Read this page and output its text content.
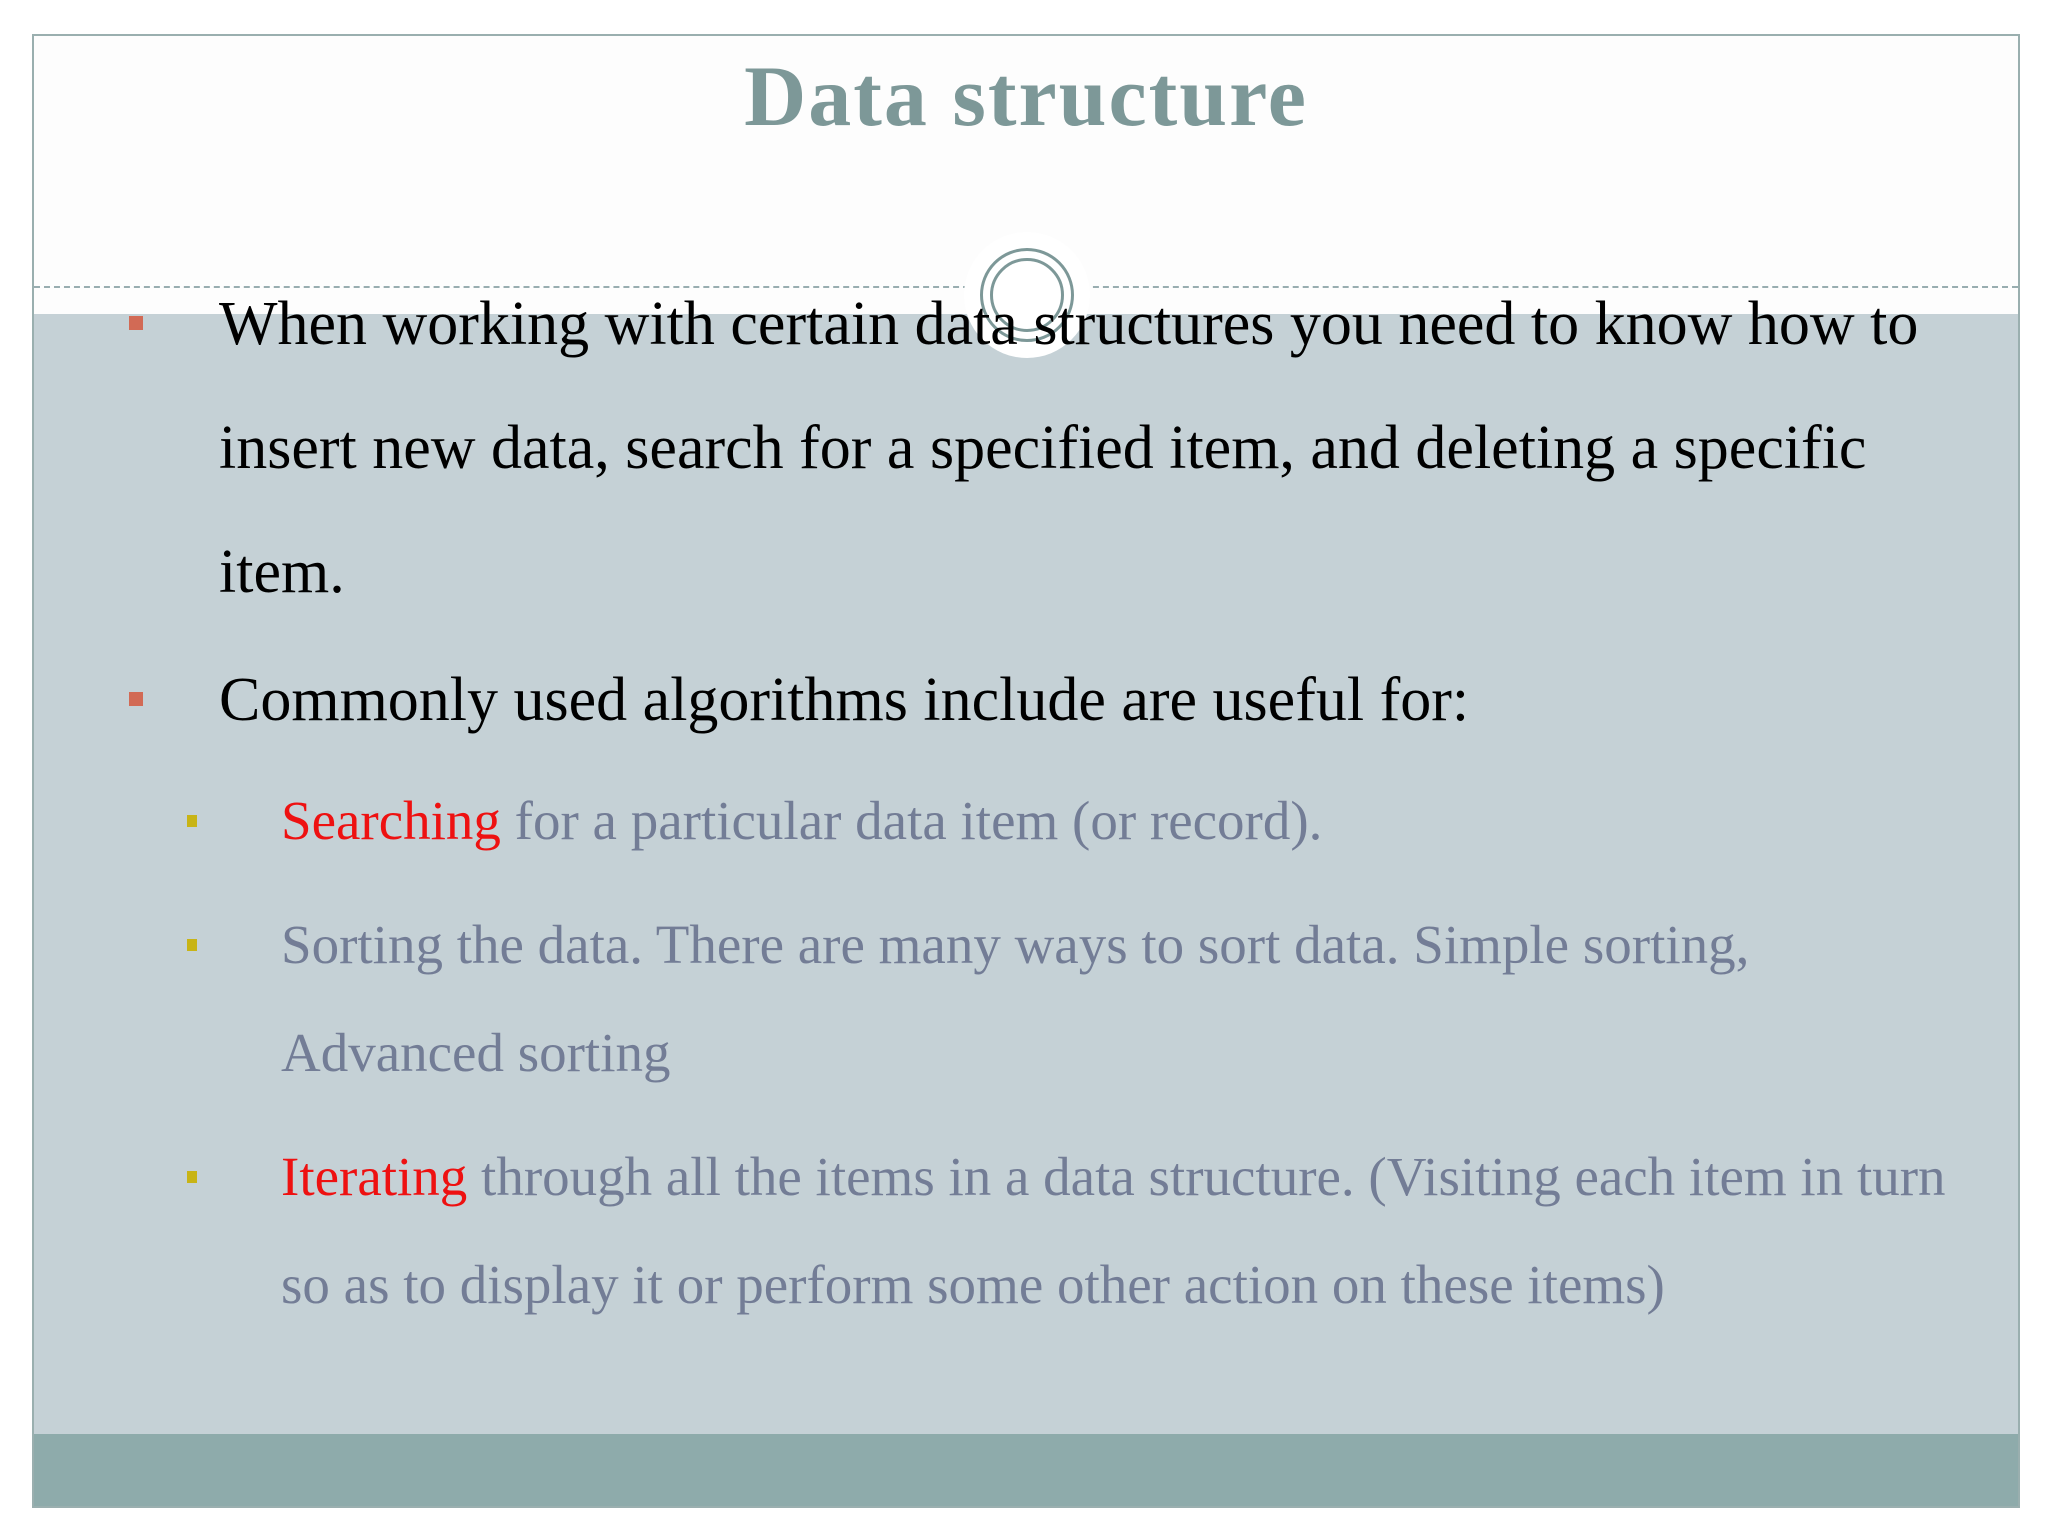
Data structure
When working with certain data structures you need to know how to insert new data, search for a specified item, and deleting a specific item.
Commonly used algorithms include are useful for:
Searching for a particular data item (or record).
Sorting the data. There are many ways to sort data. Simple sorting, Advanced sorting
Iterating through all the items in a data structure. (Visiting each item in turn so as to display it or perform some other action on these items)
